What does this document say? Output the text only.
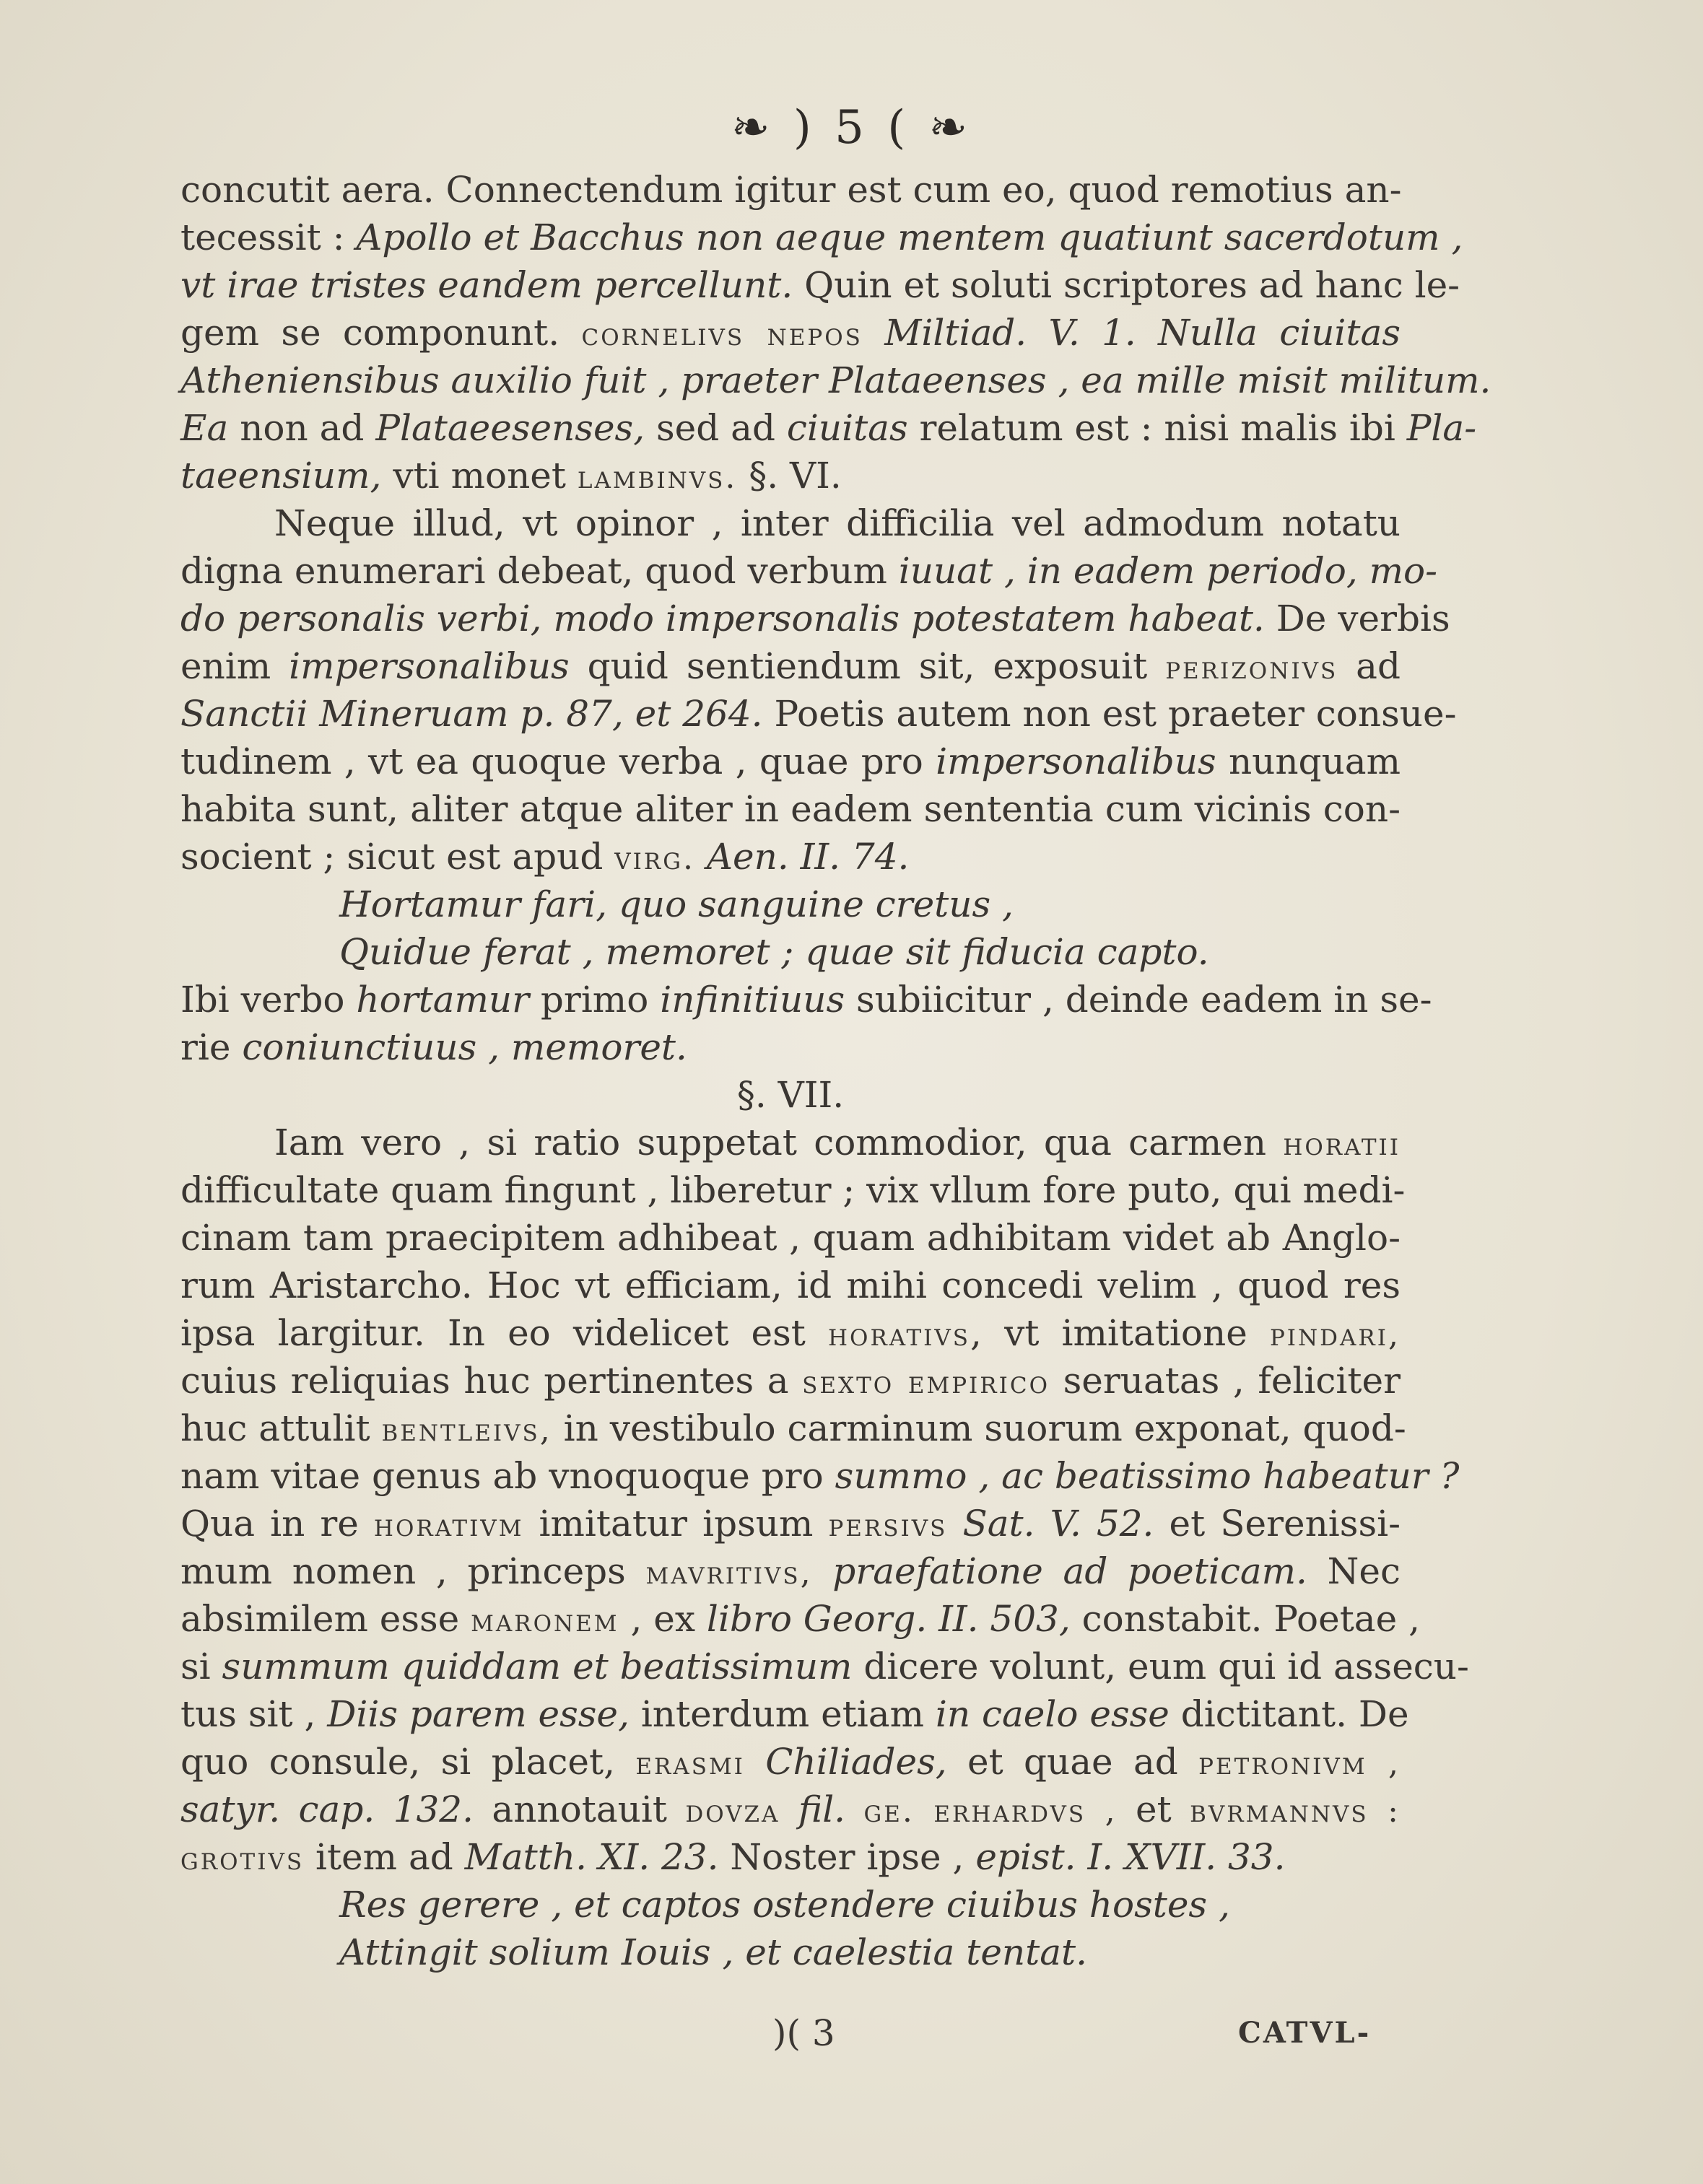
❧ ) 5 ( ❧
concutit aera. Connectendum igitur est cum eo, quod remotius an-
tecessit : Apollo et Bacchus non aeque mentem quatiunt sacerdotum ,
vt irae tristes eandem percellunt. Quin et soluti scriptores ad hanc le-
gem se componunt. cornelivs nepos Miltiad. V. 1. Nulla ciuitas
Atheniensibus auxilio fuit , praeter Plataeenses , ea mille misit militum.
Ea non ad Plataeesenses, sed ad ciuitas relatum est : nisi malis ibi Pla-
taeensium, vti monet lambinvs. §. VI.
Neque illud, vt opinor , inter difficilia vel admodum notatu
digna enumerari debeat, quod verbum iuuat , in eadem periodo, mo-
do personalis verbi, modo impersonalis potestatem habeat. De verbis
enim impersonalibus quid sentiendum sit, exposuit perizonivs ad
Sanctii Mineruam p. 87, et 264. Poetis autem non est praeter consue-
tudinem , vt ea quoque verba , quae pro impersonalibus nunquam
habita sunt, aliter atque aliter in eadem sententia cum vicinis con-
socient ; sicut est apud virg. Aen. II. 74.
Hortamur fari, quo sanguine cretus ,
Quidue ferat , memoret ; quae sit fiducia capto.
Ibi verbo hortamur primo infinitiuus subiicitur , deinde eadem in se-
rie coniunctiuus , memoret.
§. VII.
Iam vero , si ratio suppetat commodior, qua carmen horatii
difficultate quam fingunt , liberetur ; vix vllum fore puto, qui medi-
cinam tam praecipitem adhibeat , quam adhibitam videt ab Anglo-
rum Aristarcho. Hoc vt efficiam, id mihi concedi velim , quod res
ipsa largitur. In eo videlicet est horativs, vt imitatione pindari,
cuius reliquias huc pertinentes a sexto empirico seruatas , feliciter
huc attulit bentleivs, in vestibulo carminum suorum exponat, quod-
nam vitae genus ab vnoquoque pro summo , ac beatissimo habeatur ?
Qua in re horativm imitatur ipsum persivs Sat. V. 52. et Serenissi-
mum nomen , princeps mavritivs, praefatione ad poeticam. Nec
absimilem esse maronem , ex libro Georg. II. 503, constabit. Poetae ,
si summum quiddam et beatissimum dicere volunt, eum qui id assecu-
tus sit , Diis parem esse, interdum etiam in caelo esse dictitant. De
quo consule, si placet, erasmi Chiliades, et quae ad petronivm ,
satyr. cap. 132. annotauit dovza fil. ge. erhardvs , et bvrmannvs :
grotivs item ad Matth. XI. 23. Noster ipse , epist. I. XVII. 33.
Res gerere , et captos ostendere ciuibus hostes ,
Attingit solium Iouis , et caelestia tentat.
)( 3	CATVL-
